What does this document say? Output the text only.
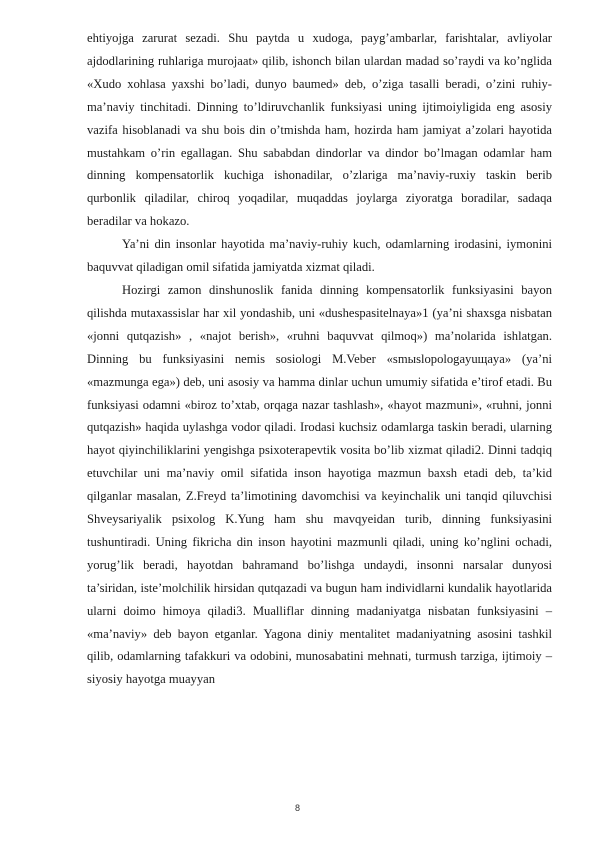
ehtiyojga zarurat sezadi. Shu paytda u xudoga, payg’ambarlar, farishtalar, avliyolar ajdodlarining ruhlariga murojaat» qilib, ishonch bilan ulardan madad so’raydi va ko’nglida «Xudo xohlasa yaxshi bo’ladi, dunyo baumed» deb, o’ziga tasalli beradi, o’zini ruhiy-ma’naviy tinchitadi. Dinning to’ldiruvchanlik funksiyasi uning ijtimoiyligida eng asosiy vazifa hisoblanadi va shu bois din o’tmishda ham, hozirda ham jamiyat a’zolari hayotida mustahkam o’rin egallagan. Shu sababdan dindorlar va dindor bo’lmagan odamlar ham dinning kompensatorlik kuchiga ishonadilar, o’zlariga ma’naviy-ruxiy taskin berib qurbonlik qiladilar, chiroq yoqadilar, muqaddas joylarga ziyoratga boradilar, sadaqa beradilar va hokazo.

Ya’ni din insonlar hayotida ma’naviy-ruhiy kuch, odamlarning irodasini, iymonini baquvvat qiladigan omil sifatida jamiyatda xizmat qiladi.

Hozirgi zamon dinshunoslik fanida dinning kompensatorlik funksiyasini bayon qilishda mutaxassislar har xil yondashib, uni «dushespasitelnaya»1 (ya’ni shaxsga nisbatan «jonni qutqazish» , «najot berish», «ruhni baquvvat qilmoq») ma’nolarida ishlatgan. Dinning bu funksiyasini nemis sosiologi M.Veber «smыslopologayuщaya» (ya’ni «mazmunga ega») deb, uni asosiy va hamma dinlar uchun umumiy sifatida e’tirof etadi. Bu funksiyasi odamni «biroz to’xtab, orqaga nazar tashlash», «hayot mazmuni», «ruhni, jonni qutqazish» haqida uylashga vodor qiladi. Irodasi kuchsiz odamlarga taskin beradi, ularning hayot qiyinchiliklarini yengishga psixoterapevtik vosita bo’lib xizmat qiladi2. Dinni tadqiq etuvchilar uni ma’naviy omil sifatida inson hayotiga mazmun baxsh etadi deb, ta’kid qilganlar masalan, Z.Freyd ta’limotining davomchisi va keyinchalik uni tanqid qiluvchisi Shveysariyalik psixolog K.Yung ham shu mavqyeidan turib, dinning funksiyasini tushuntiradi. Uning fikricha din inson hayotini mazmunli qiladi, uning ko’nglini ochadi, yorug’lik beradi, hayotdan bahramand bo’lishga undaydi, insonni narsalar dunyosi ta’siridan, iste’molchilik hirsidan qutqazadi va bugun ham individlarni kundalik hayotlarida ularni doimo himoya qiladi3. Mualliflar dinning madaniyatga nisbatan funksiyasini – «ma’naviy» deb bayon etganlar. Yagona diniy mentalitet madaniyatning asosini tashkil qilib, odamlarning tafakkuri va odobini, munosabatini mehnati, turmush tarziga, ijtimoiy – siyosiy hayotga muayyan

8
